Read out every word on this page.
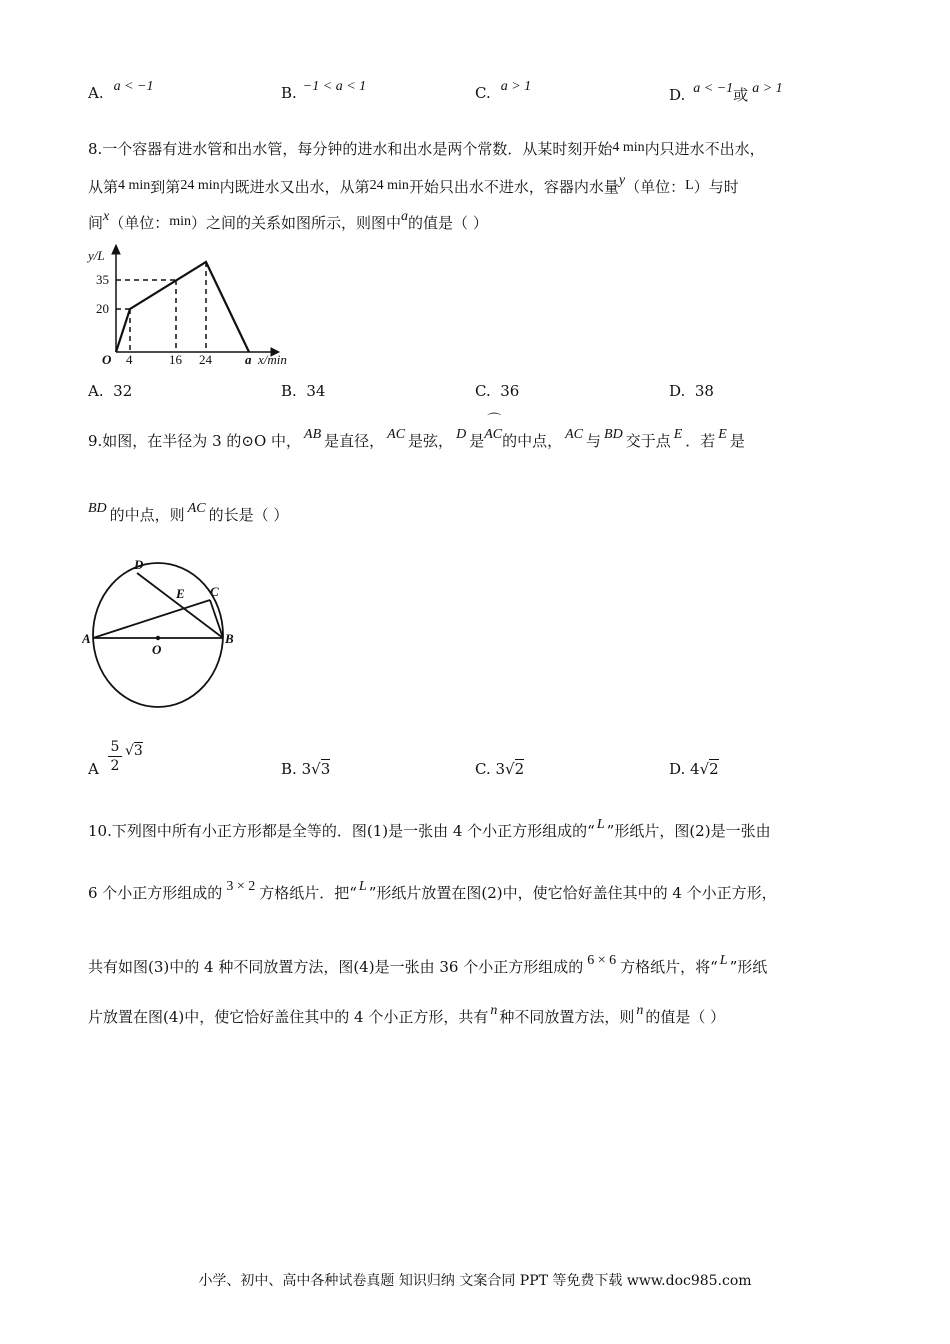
A. a < −1	B. −1 < a < 1	C. a > 1	D. a < −1或 a > 1
8.一个容器有进水管和出水管，每分钟的进水和出水是两个常数．从某时刻开始4 min内只进水不出水，
从第4 min到第24 min内既进水又出水，从第24 min开始只出水不进水，容器内水量y（单位：L）与时
间x（单位：min）之间的关系如图所示，则图中a的值是（ ）
y/L
35
20
O 4	16 24	a x/min
A. 32	B. 34	C. 36	D. 38
9.如图，在半径为 3 的⊙O 中， AB 是直径， AC 是弦， D 是
⌒
AC的中点， AC 与 BD 交于点 E ．若 E 是
BD 的中点，则 AC 的长是（ ）
A	B
C
D
E
O
A
5
2
√3
B. 3√3	C. 3√2	D. 4√2
10.下列图中所有小正方形都是全等的．图(1)是一张由 4 个小正方形组成的“ L ”形纸片，图(2)是一张由
6 个小正方形组成的 3 × 2 方格纸片．把“ L ”形纸片放置在图(2)中，使它恰好盖住其中的 4 个小正方形，
共有如图(3)中的 4 种不同放置方法，图(4)是一张由 36 个小正方形组成的 6 × 6 方格纸片，将“ L ”形纸
片放置在图(4)中，使它恰好盖住其中的 4 个小正方形，共有 n 种不同放置方法，则 n 的值是（ ）
小学、初中、高中各种试卷真题 知识归纳 文案合同 PPT 等免费下载 www.doc985.com
